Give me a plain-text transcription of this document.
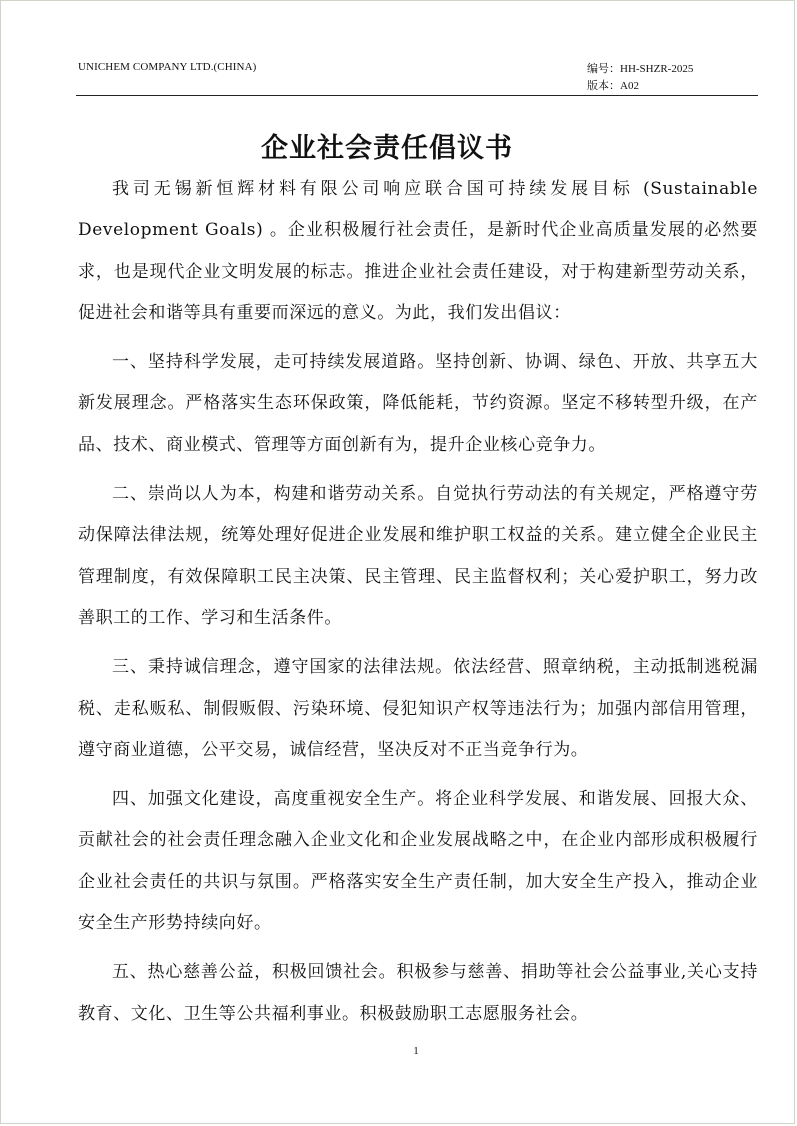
UNICHEM COMPANY LTD.(CHINA)	编号：HH-SHZR-2025
版本：A02
企业社会责任倡议书

我司无锡新恒辉材料有限公司响应联合国可持续发展目标 (Sustainable Development Goals) 。企业积极履行社会责任，是新时代企业高质量发展的必然要求，也是现代企业文明发展的标志。推进企业社会责任建设，对于构建新型劳动关系，促进社会和谐等具有重要而深远的意义。为此，我们发出倡议：

一、坚持科学发展，走可持续发展道路。坚持创新、协调、绿色、开放、共享五大新发展理念。严格落实生态环保政策，降低能耗，节约资源。坚定不移转型升级，在产品、技术、商业模式、管理等方面创新有为，提升企业核心竞争力。

二、崇尚以人为本，构建和谐劳动关系。自觉执行劳动法的有关规定，严格遵守劳动保障法律法规，统筹处理好促进企业发展和维护职工权益的关系。建立健全企业民主管理制度，有效保障职工民主决策、民主管理、民主监督权利；关心爱护职工，努力改善职工的工作、学习和生活条件。

三、秉持诚信理念，遵守国家的法律法规。依法经营、照章纳税，主动抵制逃税漏税、走私贩私、制假贩假、污染环境、侵犯知识产权等违法行为；加强内部信用管理，遵守商业道德，公平交易，诚信经营，坚决反对不正当竞争行为。

四、加强文化建设，高度重视安全生产。将企业科学发展、和谐发展、回报大众、贡献社会的社会责任理念融入企业文化和企业发展战略之中，在企业内部形成积极履行企业社会责任的共识与氛围。严格落实安全生产责任制，加大安全生产投入，推动企业安全生产形势持续向好。

五、热心慈善公益，积极回馈社会。积极参与慈善、捐助等社会公益事业,关心支持教育、文化、卫生等公共福利事业。积极鼓励职工志愿服务社会。

1
